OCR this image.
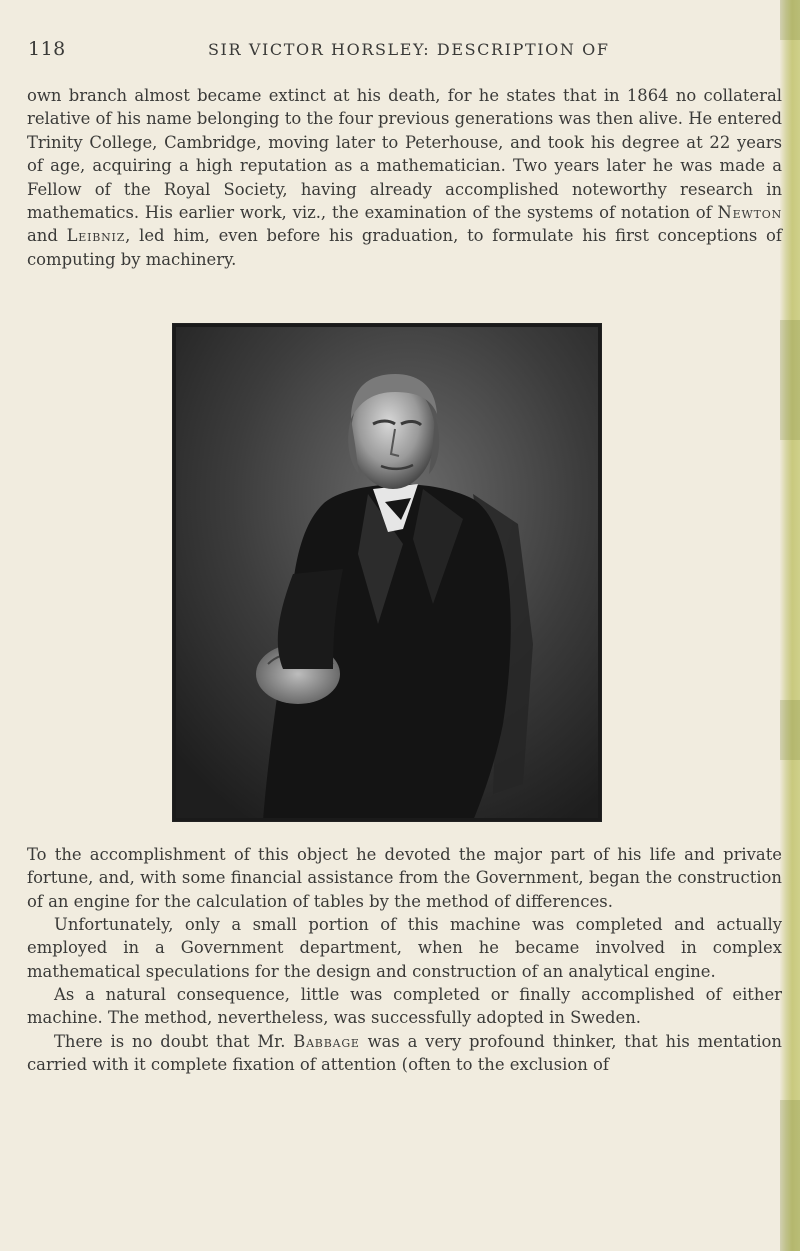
118	SIR VICTOR HORSLEY: DESCRIPTION OF

own branch almost became extinct at his death, for he states that in 1864 no collateral relative of his name belonging to the four previous generations was then alive. He entered Trinity College, Cambridge, moving later to Peterhouse, and took his degree at 22 years of age, acquiring a high reputation as a mathematician. Two years later he was made a Fellow of the Royal Society, having already accomplished noteworthy research in mathematics. His earlier work, viz., the examination of the systems of notation of Newton and Leibniz, led him, even before his graduation, to formulate his first conceptions of computing by machinery.

To the accomplishment of this object he devoted the major part of his life and private fortune, and, with some financial assistance from the Government, began the construction of an engine for the calculation of tables by the method of differences.

Unfortunately, only a small portion of this machine was completed and actually employed in a Government department, when he became involved in complex mathematical speculations for the design and construction of an analytical engine.

As a natural consequence, little was completed or finally accomplished of either machine. The method, nevertheless, was successfully adopted in Sweden.

There is no doubt that Mr. Babbage was a very profound thinker, that his mentation carried with it complete fixation of attention (often to the exclusion of
